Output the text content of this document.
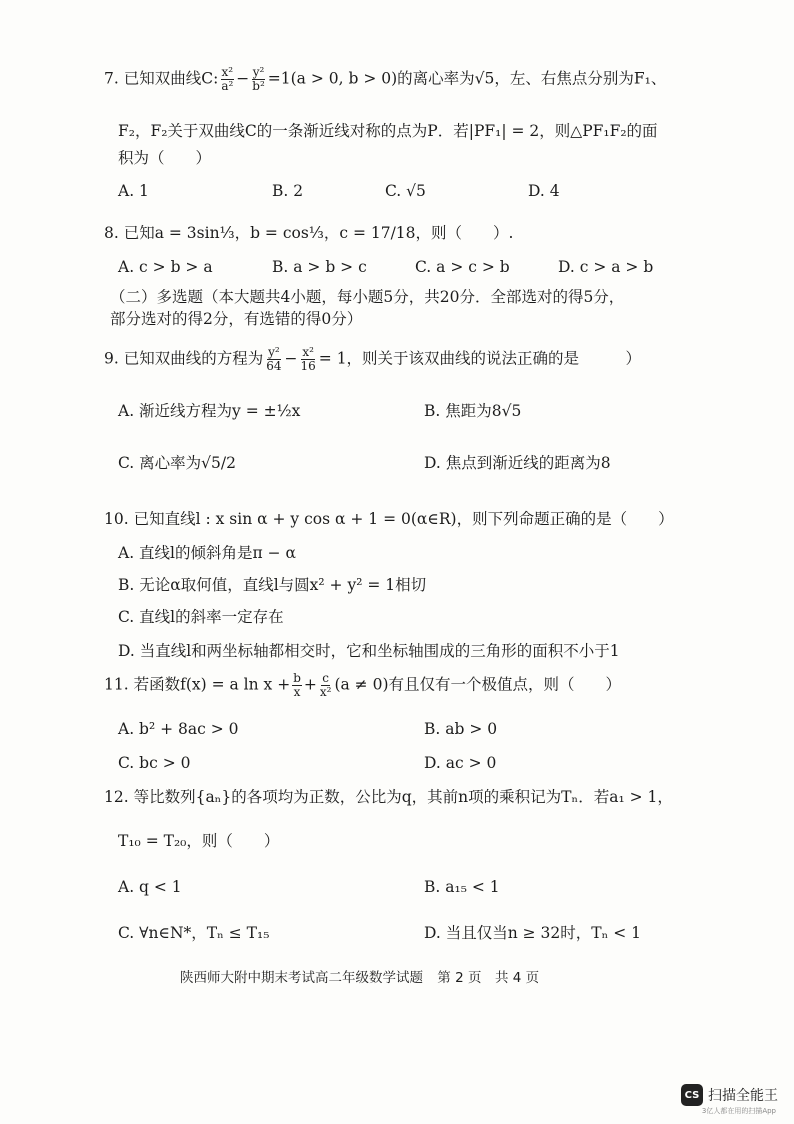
7. 已知双曲线C: $\frac{\text{x²}}{\text{a²}} - \frac{\text{y²}}{\text{b²}} =1(a > 0$, b > 0)的离心率为√5，左、右焦点分别为F₁、
F₂，F₂关于双曲线C的一条渐近线对称的点为P．若|PF₁| = 2，则△PF₁F₂的面
积为（　　）
A. 1	B. 2	C. √5	D. 4
8. 已知a = 3sin⅓，b = cos⅓，c = 17/18，则（　　）.
A. c > b > a	B. a > b > c	C. a > c > b	D. c > a > b
（二）多选题（本大题共4小题，每小题5分，共20分．全部选对的得5分，
部分选对的得2分，有选错的得0分）
9. 已知双曲线的方程为 $\frac{\text{y²}}{64} - \frac{\text{x²}}{16} = 1$，则关于该双曲线的说法正确的是　　　）
A. 渐近线方程为y = ±½x	B. 焦距为8√5
C. 离心率为√5/2	D. 焦点到渐近线的距离为8
10. 已知直线l : x sin α + y cos α + 1 = 0(α∈R)，则下列命题正确的是（　　）
A. 直线l的倾斜角是π − α
B. 无论α取何值，直线l与圆x² + y² = 1相切
C. 直线l的斜率一定存在
D. 当直线l和两坐标轴都相交时，它和坐标轴围成的三角形的面积不小于1
11. 若函数f(x) = a $\ln x + \frac{b}{x} + \frac{c}{\text{x²}} (a \ne 0)$有且仅有一个极值点，则（　　）
A. b² + 8ac > 0	B. ab > 0
C. bc > 0	D. ac > 0
12. 等比数列{aₙ}的各项均为正数，公比为q，其前n项的乘积记为Tₙ．若a₁ > 1，
T₁₀ = T₂₀，则（　　）
A. q < 1	B. a₁₅ < 1
C. ∀n∈N*，Tₙ ≤ T₁₅	D. 当且仅当n ≥ 32时，Tₙ < 1
陕西师大附中期末考试高二年级数学试题 第 2 页　共 4 页
CS 扫描全能王
3亿人都在用的扫描App
